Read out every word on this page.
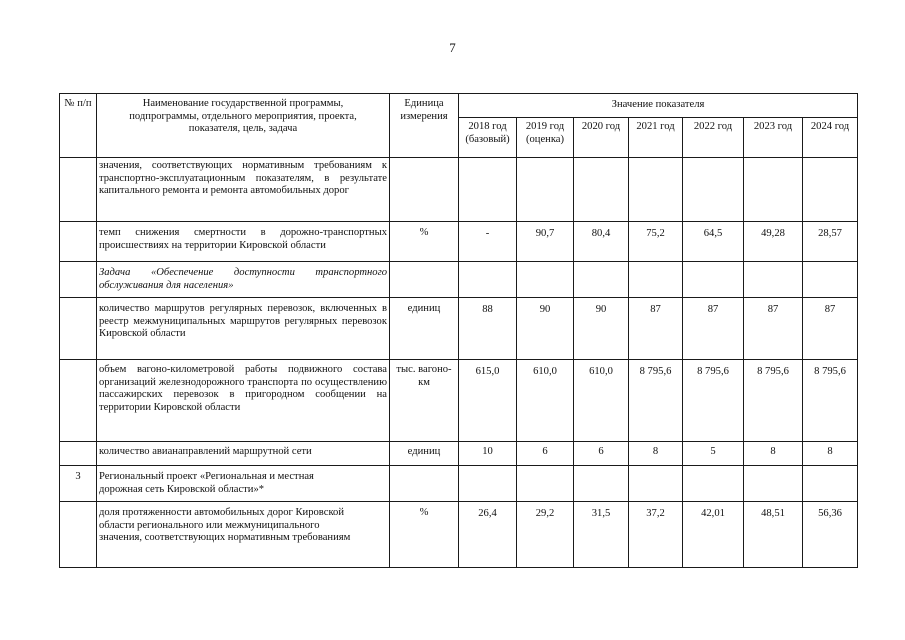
7
№ п/п	Наименование государственной программы, подпрограммы, отдельного мероприятия, проекта, показателя, цель, задача	Единица измерения	Значение показателя						
			2018 год (базовый)	2019 год (оценка)	2020 год	2021 год	2022 год	2023 год	2024 год
	значения, соответствующих нормативным требованиям к транспортно-эксплуатационным показателям, в результате капитального ремонта и ремонта автомобильных дорог								
	темп снижения смертности в дорожно-транспортных происшествиях на территории Кировской области	%	-	90,7	80,4	75,2	64,5	49,28	28,57
	Задача «Обеспечение доступности транспортного обслуживания для населения»								
	количество маршрутов регулярных перевозок, включенных в реестр межмуниципальных маршрутов регулярных перевозок Кировской области	единиц	88	90	90	87	87	87	87
	объем вагоно-километровой работы подвижного состава организаций железнодорожного транспорта по осуществлению пассажирских перевозок в пригородном сообщении на территории Кировской области	тыс. вагоно-км	615,0	610,0	610,0	8 795,6	8 795,6	8 795,6	8 795,6
	количество авианаправлений маршрутной сети	единиц	10	6	6	8	5	8	8
3	Региональный проект «Региональная и местная дорожная сеть Кировской области»*								
	доля протяженности автомобильных дорог Кировской области регионального или межмуниципального значения, соответствующих нормативным требованиям	%	26,4	29,2	31,5	37,2	42,01	48,51	56,36
